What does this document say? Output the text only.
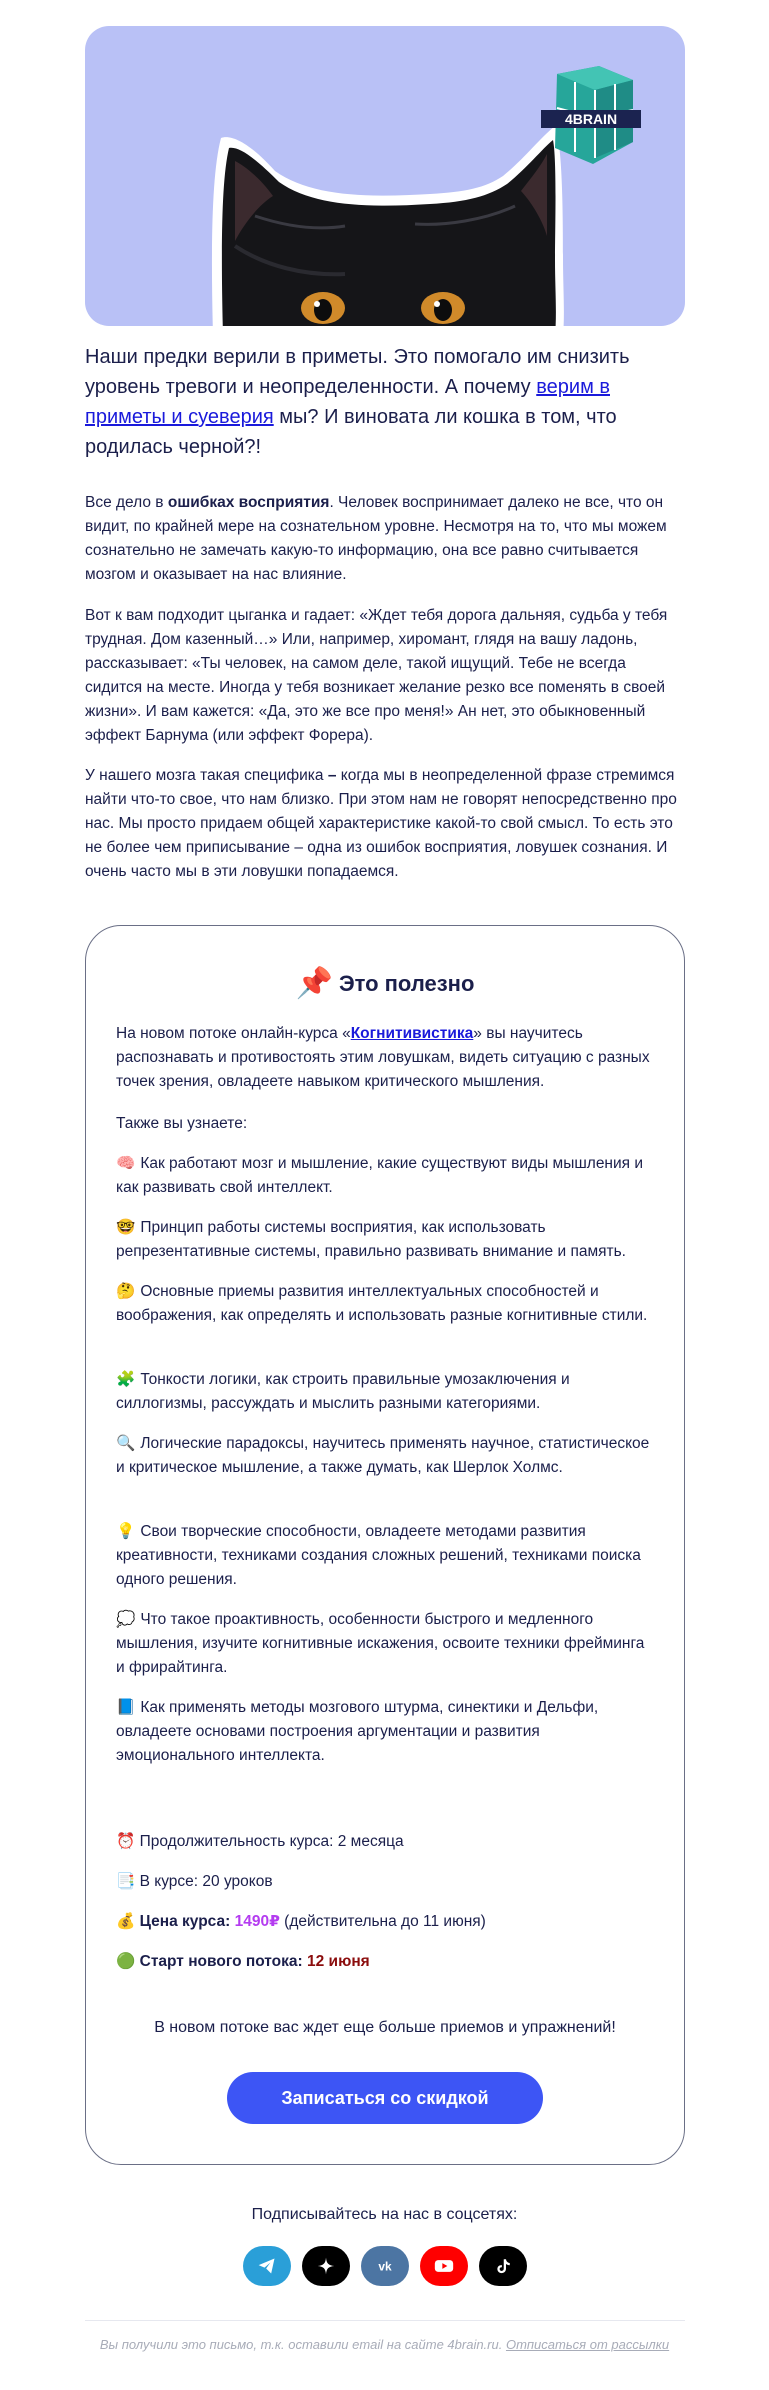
4BRAIN
Наши предки верили в приметы. Это помогало им снизить уровень тревоги и неопределенности. А почему верим в приметы и суеверия мы? И виновата ли кошка в том, что родилась черной?!
Все дело в ошибках восприятия. Человек воспринимает далеко не все, что он видит, по крайней мере на сознательном уровне. Несмотря на то, что мы можем сознательно не замечать какую-то информацию, она все равно считывается мозгом и оказывает на нас влияние.
Вот к вам подходит цыганка и гадает: «Ждет тебя дорога дальняя, судьба у тебя трудная. Дом казенный…» Или, например, хиромант, глядя на вашу ладонь, рассказывает: «Ты человек, на самом деле, такой ищущий. Тебе не всегда сидится на месте. Иногда у тебя возникает желание резко все поменять в своей жизни». И вам кажется: «Да, это же все про меня!» Ан нет, это обыкновенный эффект Барнума (или эффект Форера).
У нашего мозга такая специфика – когда мы в неопределенной фразе стремимся найти что-то свое, что нам близко. При этом нам не говорят непосредственно про нас. Мы просто придаем общей характеристике какой-то свой смысл. То есть это не более чем приписывание – одна из ошибок восприятия, ловушек сознания. И очень часто мы в эти ловушки попадаемся.
📌 Это полезно
На новом потоке онлайн-курса «Когнитивистика» вы научитесь распознавать и противостоять этим ловушкам, видеть ситуацию с разных точек зрения, овладеете навыком критического мышления.
Также вы узнаете:
🧠 Как работают мозг и мышление, какие существуют виды мышления и как развивать свой интеллект.
🤓 Принцип работы системы восприятия, как использовать репрезентативные системы, правильно развивать внимание и память.
🤔 Основные приемы развития интеллектуальных способностей и воображения, как определять и использовать разные когнитивные стили.
🧩 Тонкости логики, как строить правильные умозаключения и силлогизмы, рассуждать и мыслить разными категориями.
🔍 Логические парадоксы, научитесь применять научное, статистическое и критическое мышление, а также думать, как Шерлок Холмс.
💡 Свои творческие способности, овладеете методами развития креативности, техниками создания сложных решений, техниками поиска одного решения.
💭 Что такое проактивность, особенности быстрого и медленного мышления, изучите когнитивные искажения, освоите техники фрейминга и фрирайтинга.
📘 Как применять методы мозгового штурма, синектики и Дельфи, овладеете основами построения аргументации и развития эмоционального интеллекта.
⏰ Продолжительность курса: 2 месяца
📑 В курсе: 20 уроков
💰 Цена курса: 1490₽ (действительна до 11 июня)
🟢 Старт нового потока: 12 июня
В новом потоке вас ждет еще больше приемов и упражнений!
Записаться со скидкой
Подписывайтесь на нас в соцсетях:
vk
Вы получили это письмо, т.к. оставили email на сайте 4brain.ru. Отписаться от рассылки
